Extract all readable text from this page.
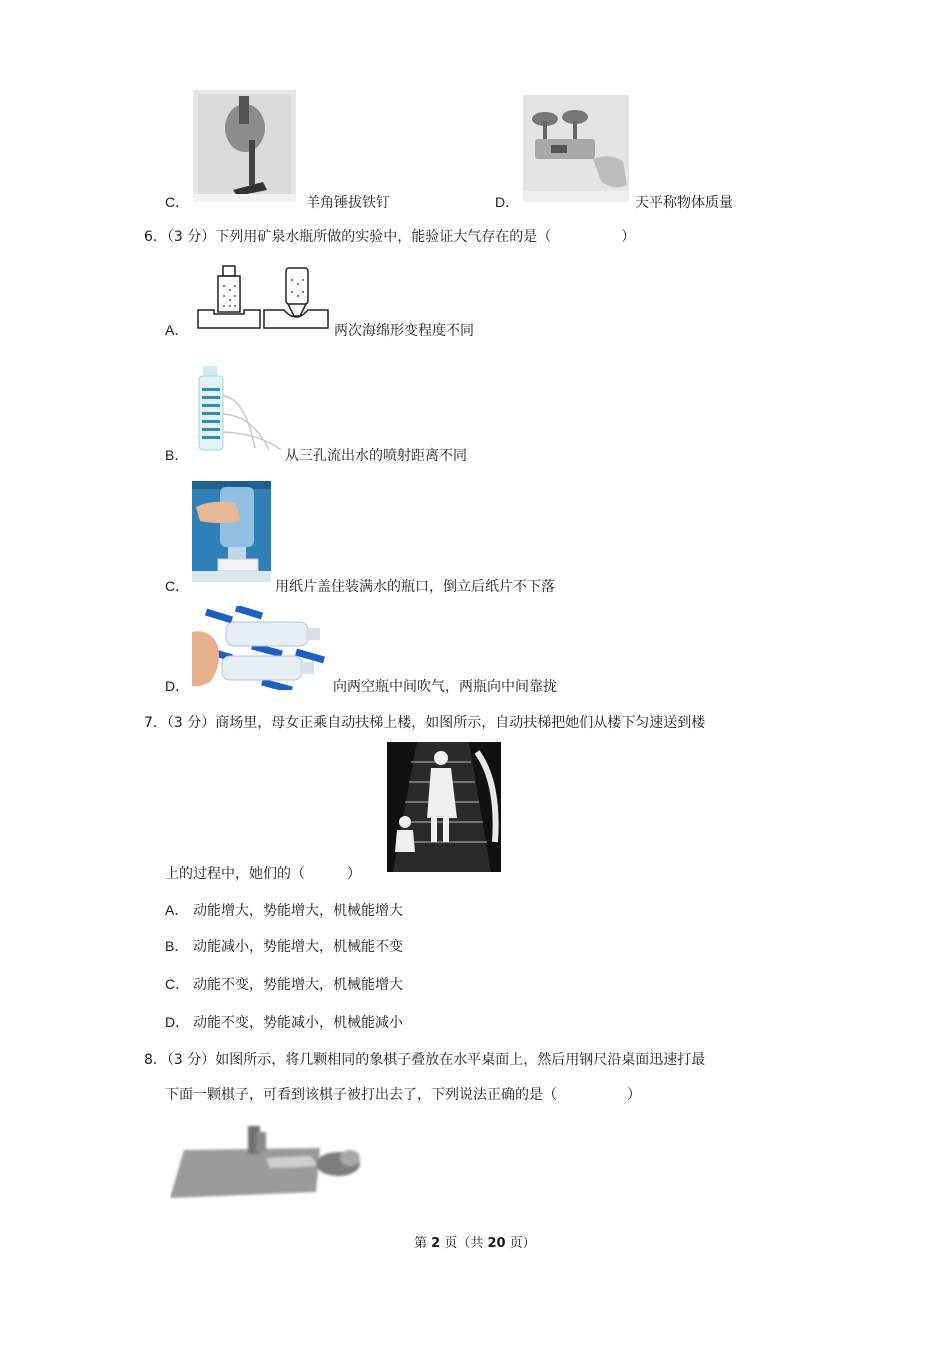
C．	羊角锤拔铁钉	D．	天平称物体质量
6．（3 分）下列用矿泉水瓶所做的实验中，能验证大气存在的是（　　　　　）
A．	两次海绵形变程度不同
B．	从三孔流出水的喷射距离不同
C．	用纸片盖住装满水的瓶口，倒立后纸片不下落
D．	向两空瓶中间吹气，两瓶向中间靠拢
7．（3 分）商场里，母女正乘自动扶梯上楼，如图所示，自动扶梯把她们从楼下匀速送到楼
上的过程中，她们的（　　　）
A． 动能增大，势能增大，机械能增大
B． 动能减小，势能增大，机械能不变
C． 动能不变，势能增大，机械能增大
D． 动能不变，势能减小，机械能减小
8．（3 分）如图所示，将几颗相同的象棋子叠放在水平桌面上，然后用钢尺沿桌面迅速打最
下面一颗棋子，可看到该棋子被打出去了，下列说法正确的是（　　　　　）
第 2 页（共 20 页）
